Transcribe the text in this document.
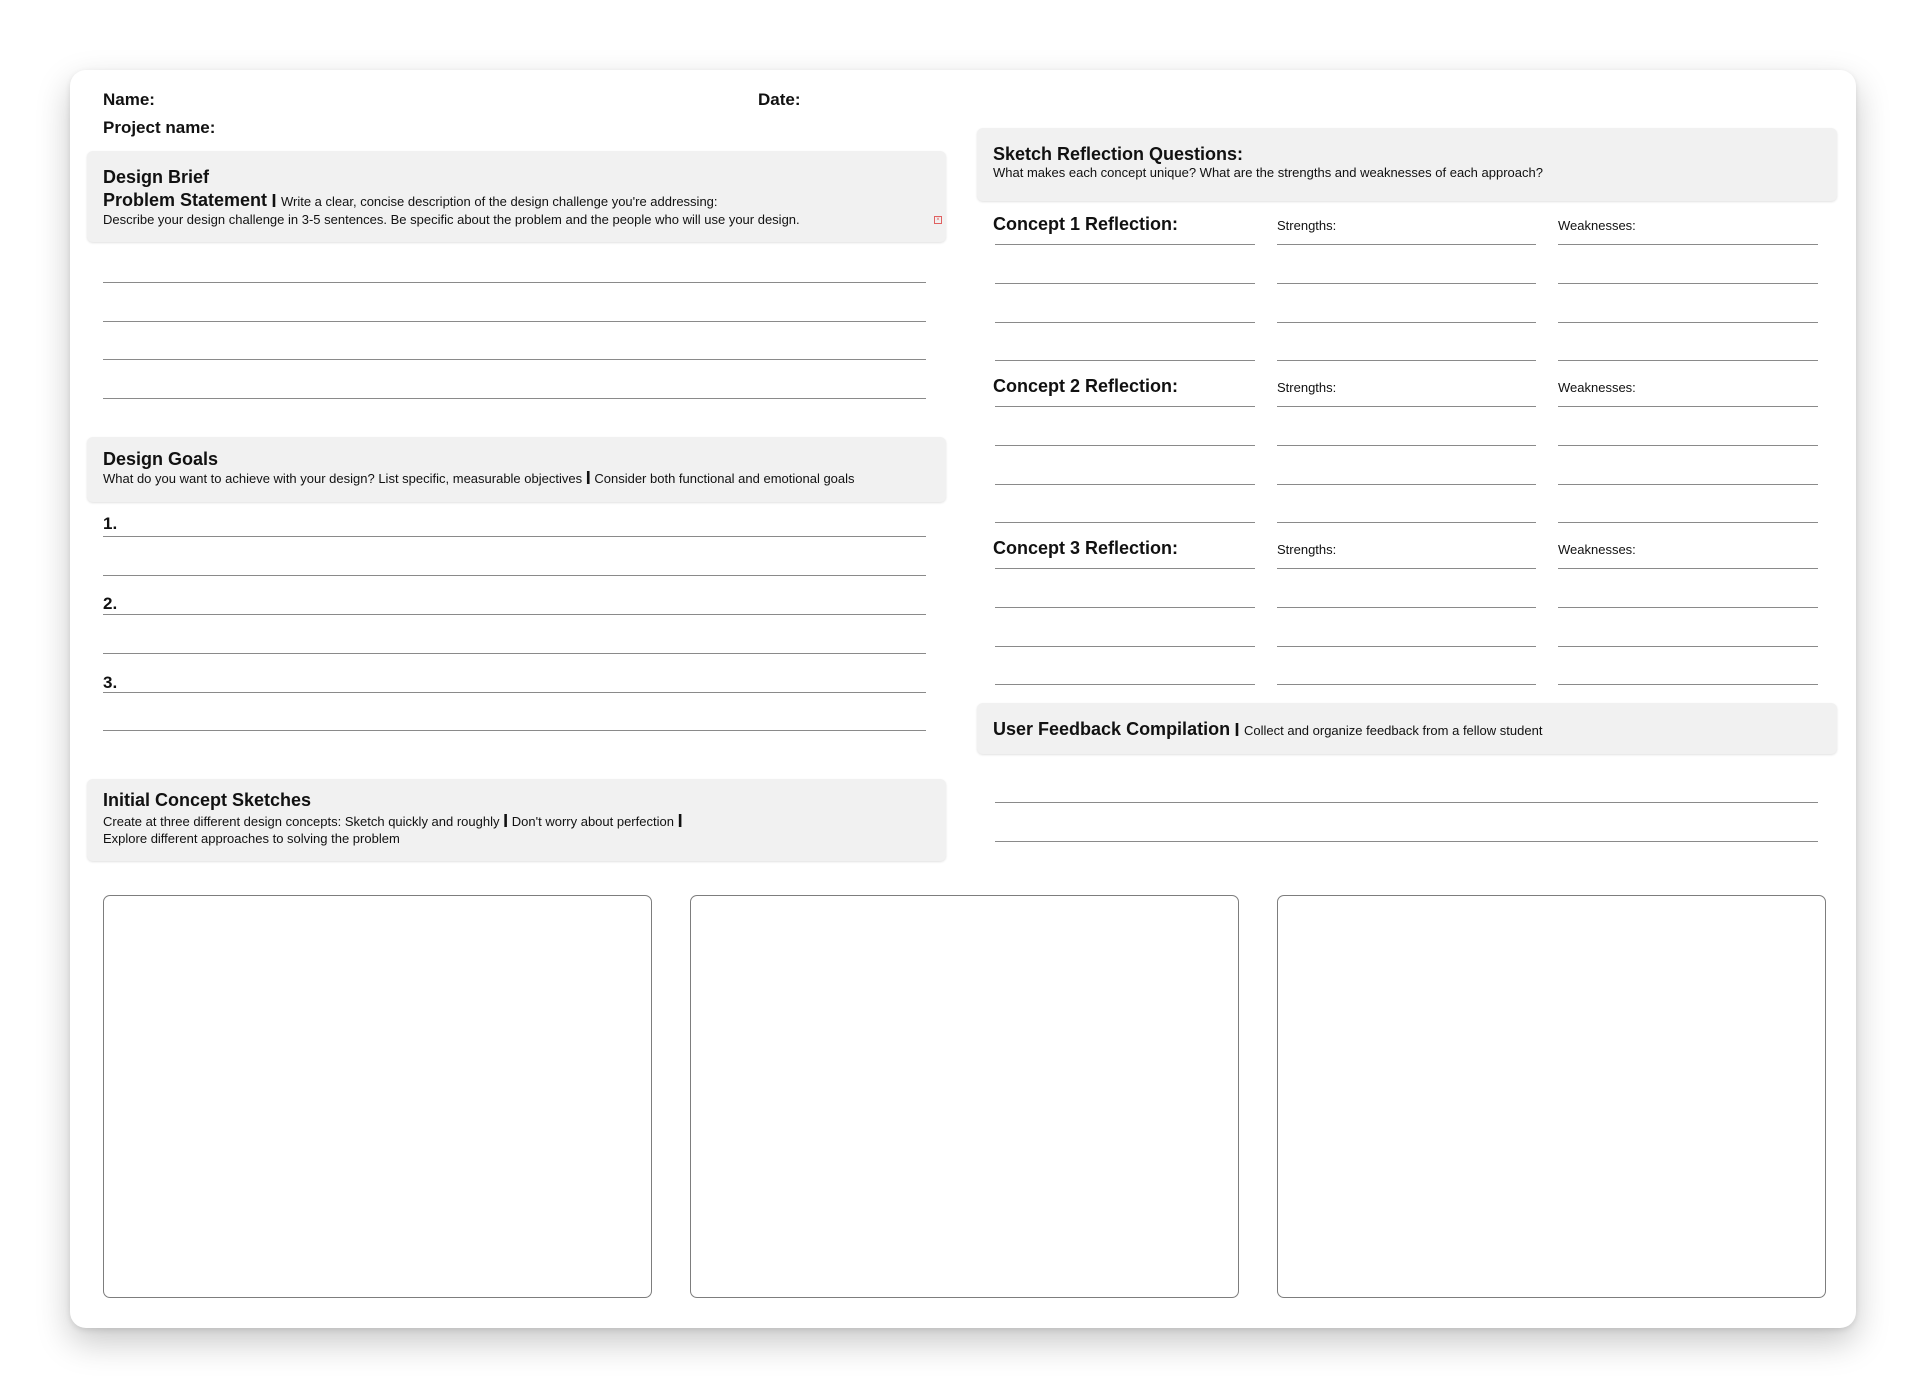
Name:	Date:
Project name:
Design Brief
Problem Statement I Write a clear, concise description of the design challenge you're addressing:
Describe your design challenge in 3-5 sentences. Be specific about the problem and the people who will use your design.	×
Design Goals
What do you want to achieve with your design? List specific, measurable objectives I Consider both functional and emotional goals
1.
2.
3.
Initial Concept Sketches
Create at three different design concepts: Sketch quickly and roughly I Don't worry about perfection I
Explore different approaches to solving the problem
Sketch Reflection Questions:
What makes each concept unique? What are the strengths and weaknesses of each approach?
Concept 1 Reflection:	Strengths:	Weaknesses:
Concept 2 Reflection:	Strengths:	Weaknesses:
Concept 3 Reflection:	Strengths:	Weaknesses:
User Feedback Compilation I Collect and organize feedback from a fellow student
